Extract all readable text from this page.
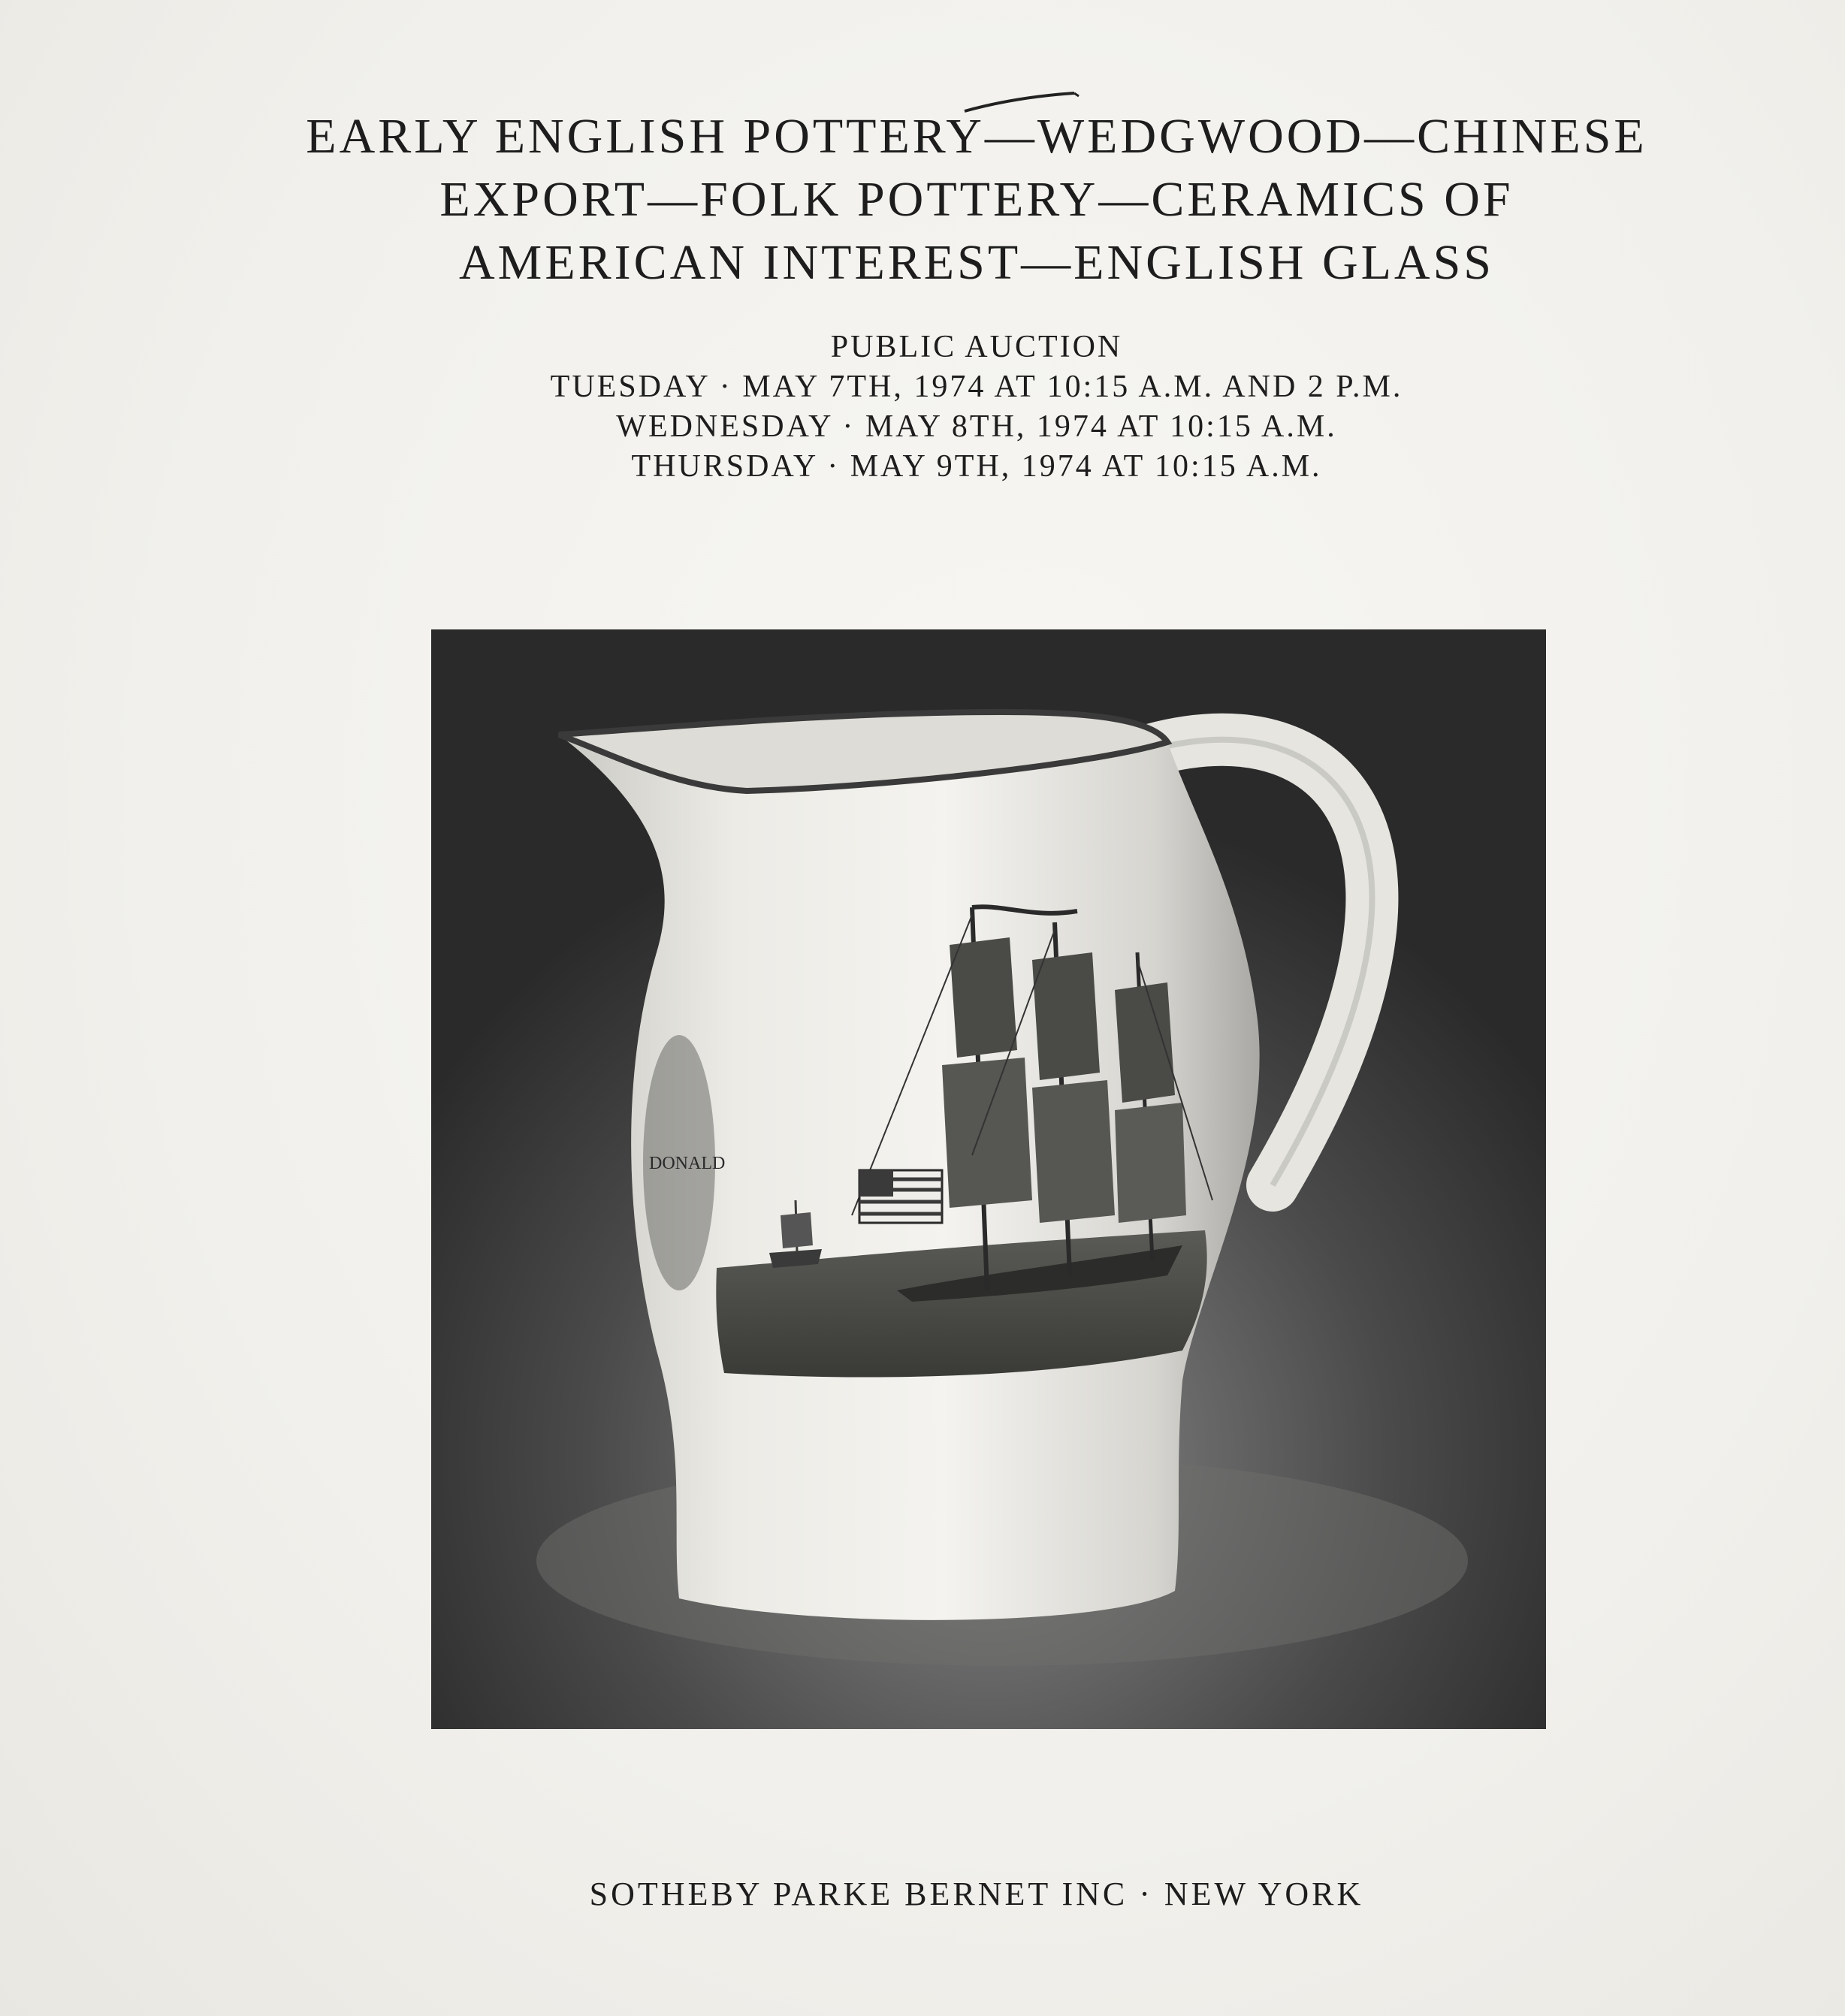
EARLY ENGLISH POTTERY—WEDGWOOD—CHINESE
EXPORT—FOLK POTTERY—CERAMICS OF
AMERICAN INTEREST—ENGLISH GLASS
PUBLIC AUCTION
TUESDAY · MAY 7TH, 1974 AT 10:15 A.M. AND 2 P.M.
WEDNESDAY · MAY 8TH, 1974 AT 10:15 A.M.
THURSDAY · MAY 9TH, 1974 AT 10:15 A.M.
DONALD
SOTHEBY PARKE BERNET INC · NEW YORK
